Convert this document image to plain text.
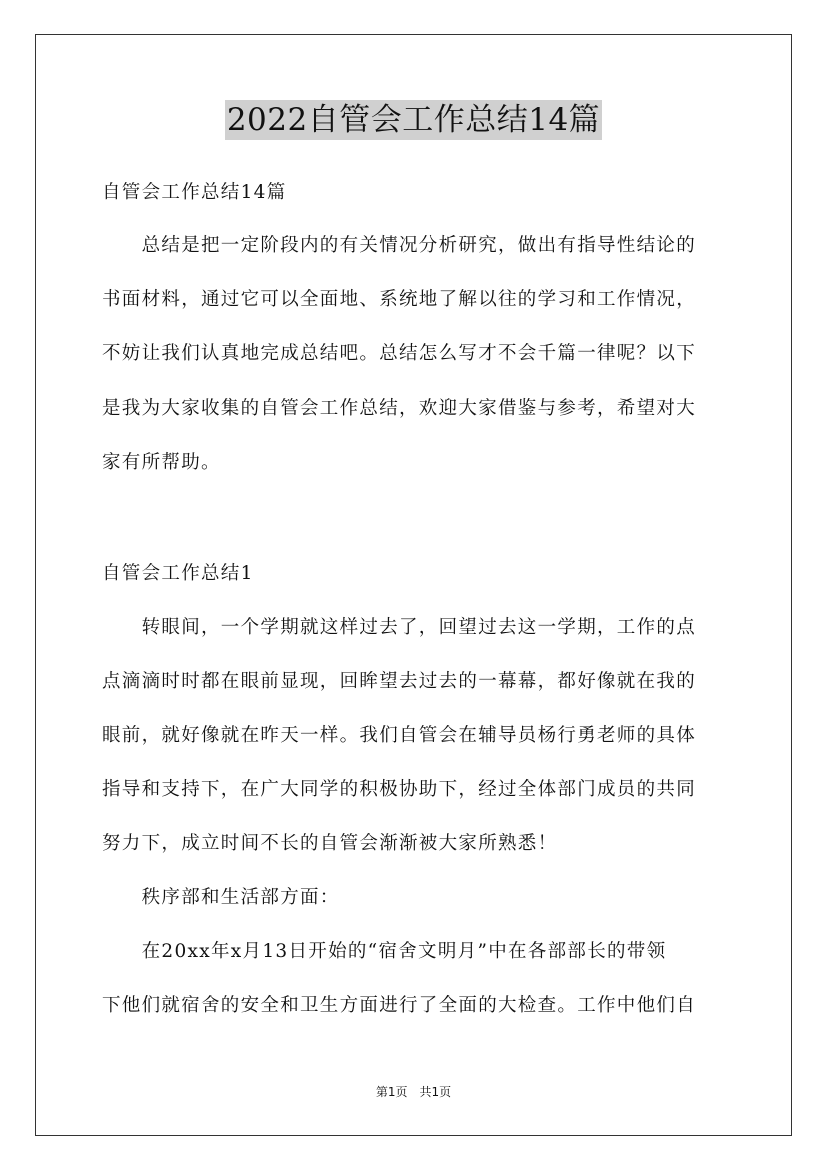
2022自管会工作总结14篇
自管会工作总结14篇
　　总结是把一定阶段内的有关情况分析研究，做出有指导性结论的
书面材料，通过它可以全面地、系统地了解以往的学习和工作情况，
不妨让我们认真地完成总结吧。总结怎么写才不会千篇一律呢？以下
是我为大家收集的自管会工作总结，欢迎大家借鉴与参考，希望对大
家有所帮助。
自管会工作总结1
　　转眼间，一个学期就这样过去了，回望过去这一学期，工作的点
点滴滴时时都在眼前显现，回眸望去过去的一幕幕，都好像就在我的
眼前，就好像就在昨天一样。我们自管会在辅导员杨行勇老师的具体
指导和支持下，在广大同学的积极协助下，经过全体部门成员的共同
努力下，成立时间不长的自管会渐渐被大家所熟悉！
　　秩序部和生活部方面：
　　在20xx年x月13日开始的“宿舍文明月”中在各部部长的带领
下他们就宿舍的安全和卫生方面进行了全面的大检查。工作中他们自
第1页　共1页
